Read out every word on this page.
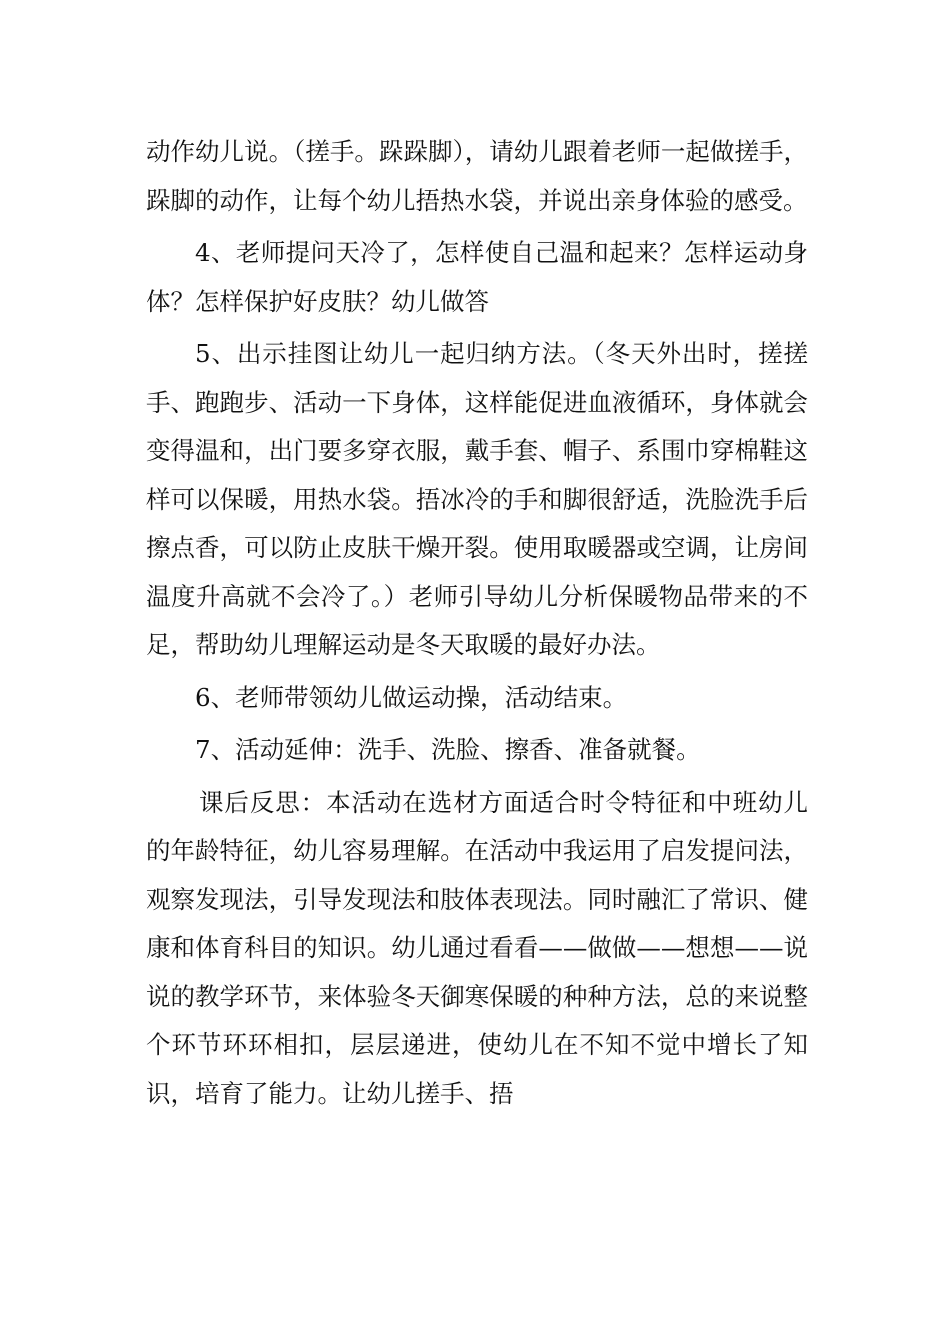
动作幼儿说。（搓手。跺跺脚），请幼儿跟着老师一起做搓手，跺脚的动作，让每个幼儿捂热水袋，并说出亲身体验的感受。

4、老师提问天冷了，怎样使自己温和起来？怎样运动身体？怎样保护好皮肤？幼儿做答

5、出示挂图让幼儿一起归纳方法。（冬天外出时，搓搓手、跑跑步、活动一下身体，这样能促进血液循环，身体就会变得温和，出门要多穿衣服，戴手套、帽子、系围巾穿棉鞋这样可以保暖，用热水袋。捂冰冷的手和脚很舒适，洗脸洗手后擦点香，可以防止皮肤干燥开裂。使用取暖器或空调，让房间温度升高就不会冷了。）老师引导幼儿分析保暖物品带来的不足，帮助幼儿理解运动是冬天取暖的最好办法。

6、老师带领幼儿做运动操，活动结束。

7、活动延伸：洗手、洗脸、擦香、准备就餐。

课后反思：本活动在选材方面适合时令特征和中班幼儿的年龄特征，幼儿容易理解。在活动中我运用了启发提问法，观察发现法，引导发现法和肢体表现法。同时融汇了常识、健康和体育科目的知识。幼儿通过看看——做做——想想——说说的教学环节，来体验冬天御寒保暖的种种方法，总的来说整个环节环环相扣，层层递进，使幼儿在不知不觉中增长了知识，培育了能力。让幼儿搓手、捂
